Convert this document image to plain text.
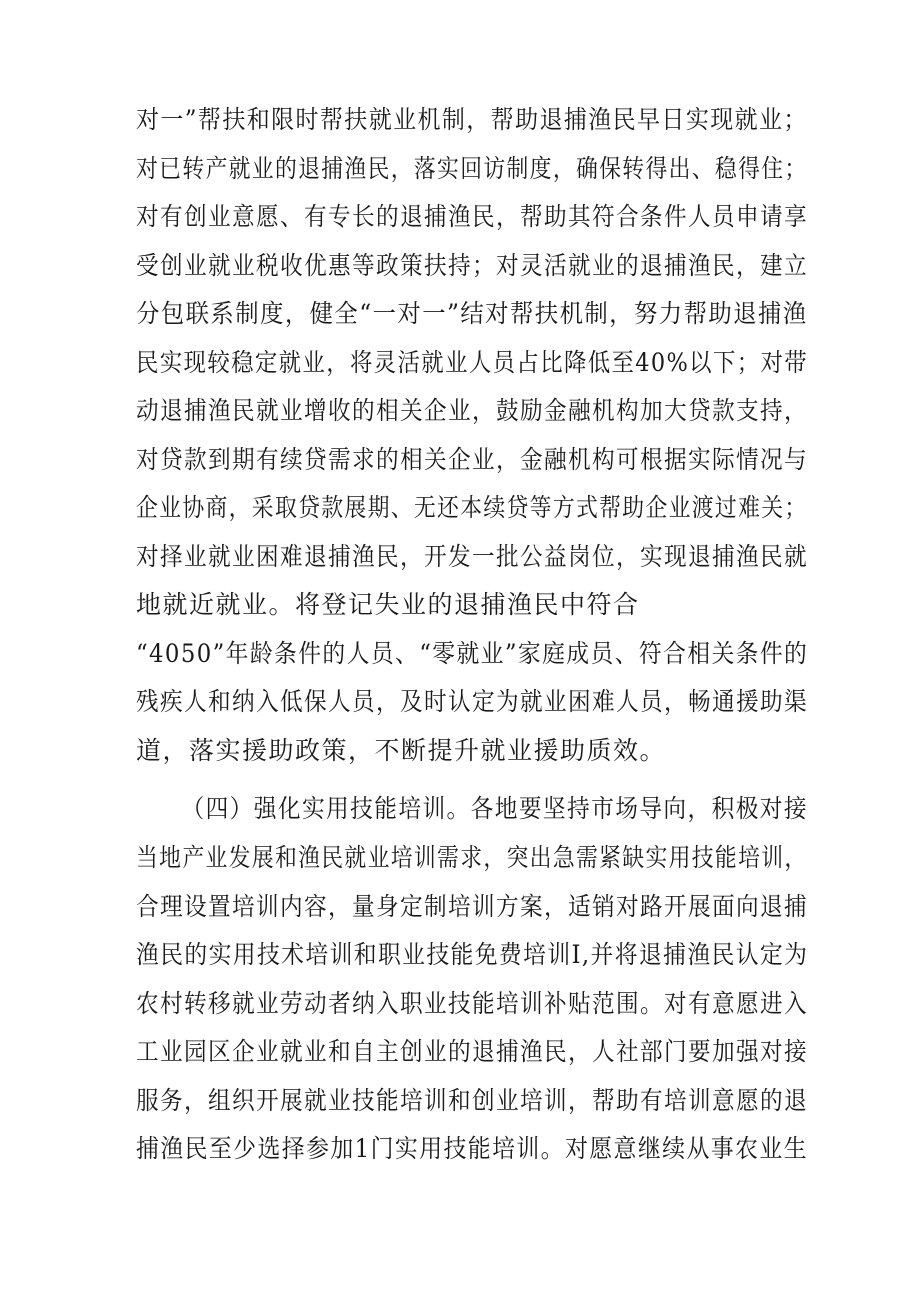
对一”帮扶和限时帮扶就业机制，帮助退捕渔民早日实现就业；
对已转产就业的退捕渔民，落实回访制度，确保转得出、稳得住；
对有创业意愿、有专长的退捕渔民，帮助其符合条件人员申请享
受创业就业税收优惠等政策扶持；对灵活就业的退捕渔民，建立
分包联系制度，健全“一对一”结对帮扶机制，努力帮助退捕渔
民实现较稳定就业，将灵活就业人员占比降低至40%以下；对带
动退捕渔民就业增收的相关企业，鼓励金融机构加大贷款支持，
对贷款到期有续贷需求的相关企业，金融机构可根据实际情况与
企业协商，采取贷款展期、无还本续贷等方式帮助企业渡过难关；
对择业就业困难退捕渔民，开发一批公益岗位，实现退捕渔民就
地就近就业。将登记失业的退捕渔民中符合
“4050”年龄条件的人员、“零就业”家庭成员、符合相关条件的
残疾人和纳入低保人员，及时认定为就业困难人员，畅通援助渠
道，落实援助政策，不断提升就业援助质效。
（四）强化实用技能培训。各地要坚持市场导向，积极对接
当地产业发展和渔民就业培训需求，突出急需紧缺实用技能培训，
合理设置培训内容，量身定制培训方案，适销对路开展面向退捕
渔民的实用技术培训和职业技能免费培训I,并将退捕渔民认定为
农村转移就业劳动者纳入职业技能培训补贴范围。对有意愿进入
工业园区企业就业和自主创业的退捕渔民，人社部门要加强对接
服务，组织开展就业技能培训和创业培训，帮助有培训意愿的退
捕渔民至少选择参加1门实用技能培训。对愿意继续从事农业生
